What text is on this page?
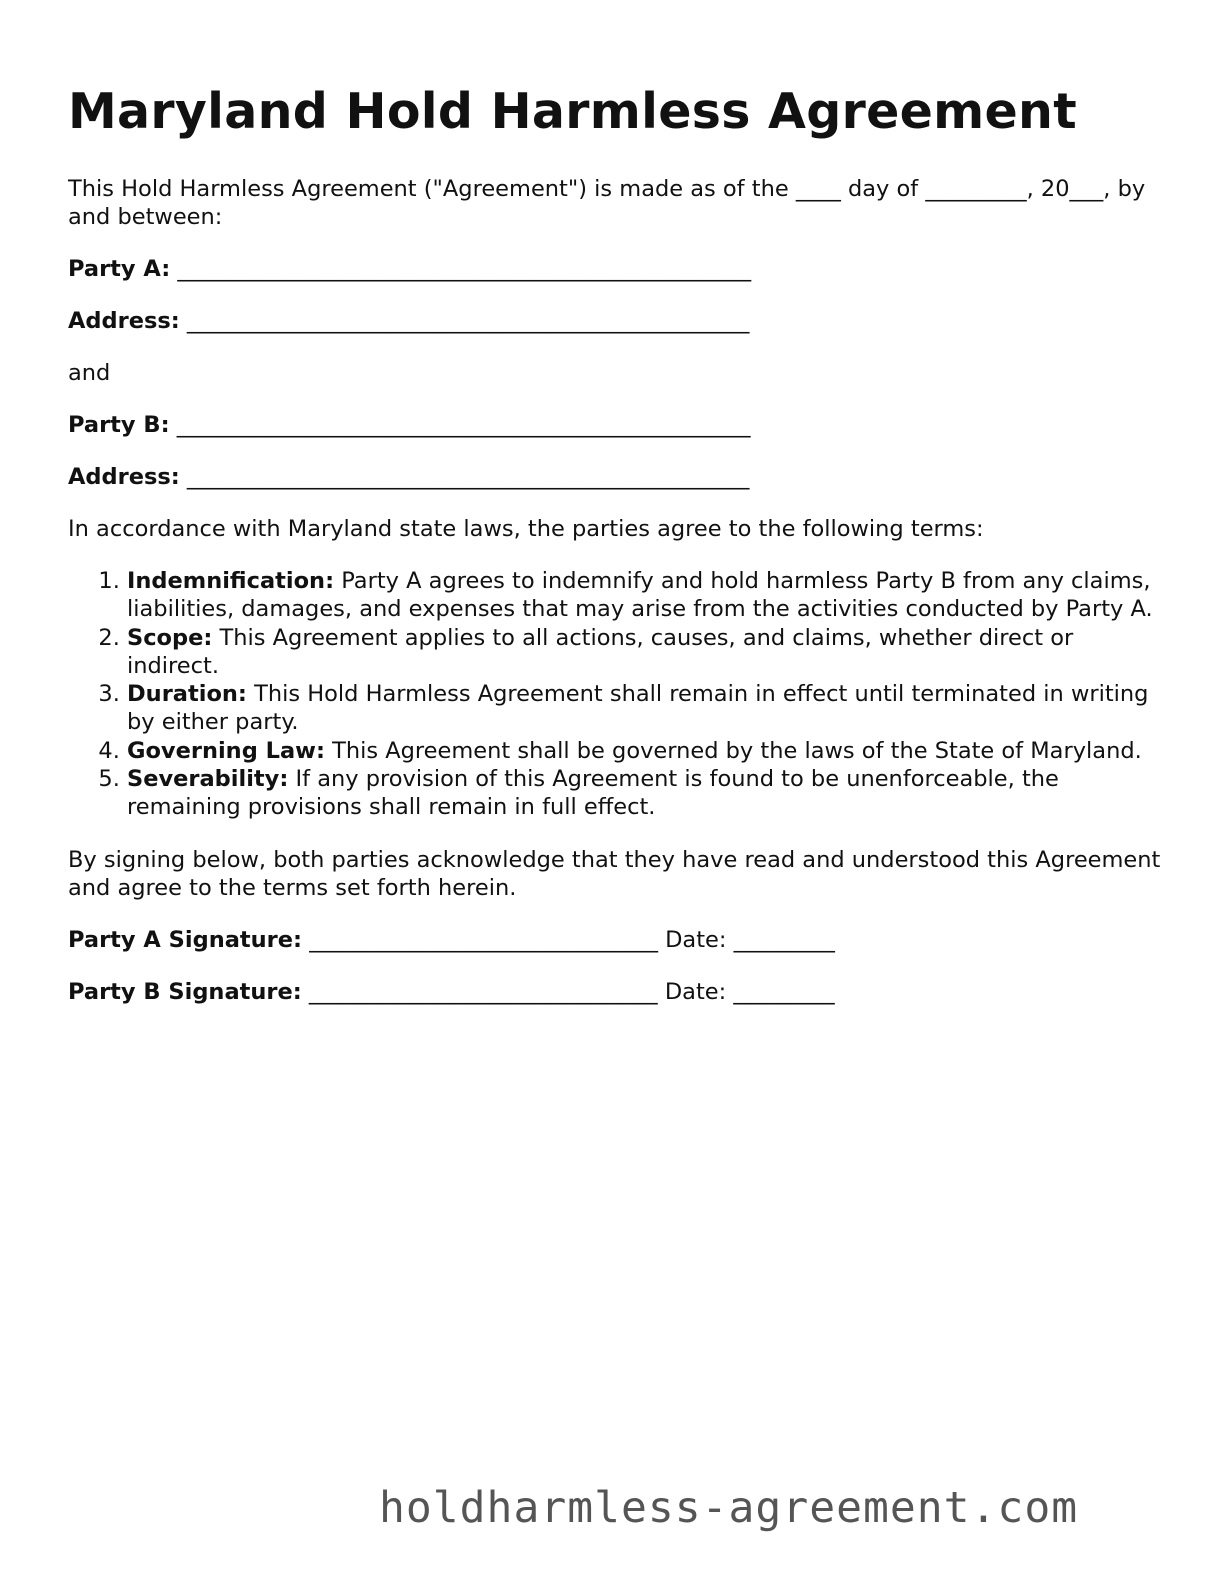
Maryland Hold Harmless Agreement

This Hold Harmless Agreement ("Agreement") is made as of the ____ day of _________, 20___, by and between:

Party A: ___________________________________________________
Address: __________________________________________________

and

Party B: ___________________________________________________
Address: __________________________________________________

In accordance with Maryland state laws, the parties agree to the following terms:

1. Indemnification: Party A agrees to indemnify and hold harmless Party B from any claims, liabilities, damages, and expenses that may arise from the activities conducted by Party A.
2. Scope: This Agreement applies to all actions, causes, and claims, whether direct or indirect.
3. Duration: This Hold Harmless Agreement shall remain in effect until terminated in writing by either party.
4. Governing Law: This Agreement shall be governed by the laws of the State of Maryland.
5. Severability: If any provision of this Agreement is found to be unenforceable, the remaining provisions shall remain in full effect.

By signing below, both parties acknowledge that they have read and understood this Agreement and agree to the terms set forth herein.

Party A Signature: _______________________________ Date: _________
Party B Signature: _______________________________ Date: _________
holdharmless-agreement.com
